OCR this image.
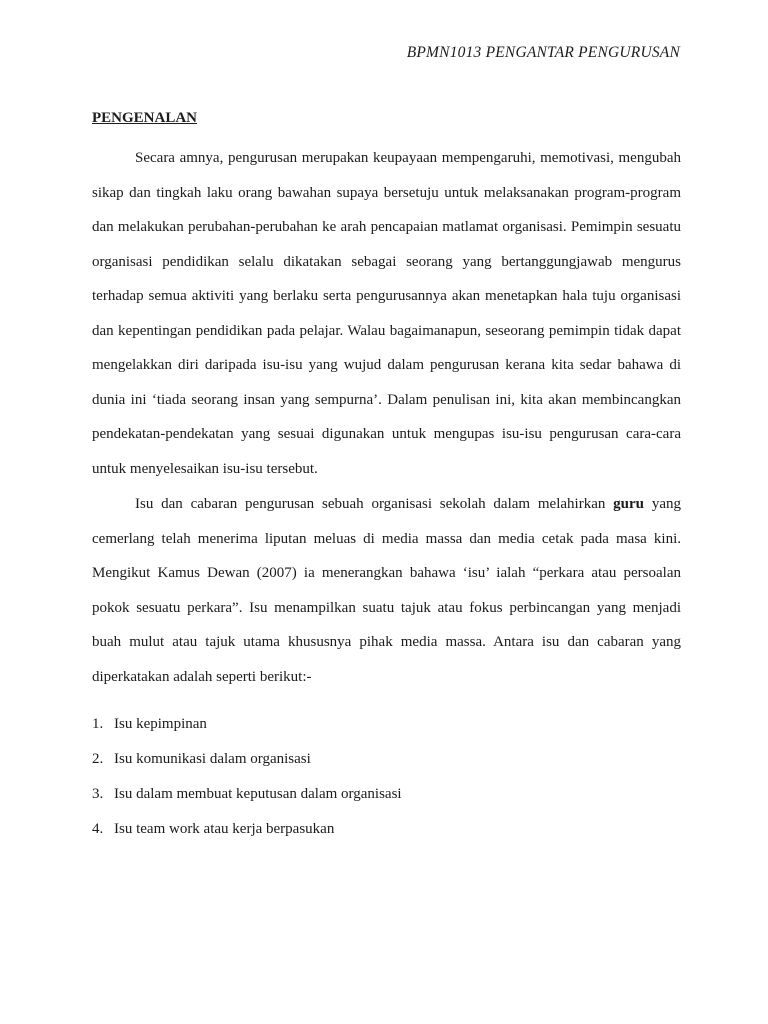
BPMN1013 PENGANTAR PENGURUSAN
PENGENALAN

Secara amnya, pengurusan merupakan keupayaan mempengaruhi, memotivasi, mengubah sikap dan tingkah laku orang bawahan supaya bersetuju untuk melaksanakan program-program dan melakukan perubahan-perubahan ke arah pencapaian matlamat organisasi. Pemimpin sesuatu organisasi pendidikan selalu dikatakan sebagai seorang yang bertanggungjawab mengurus terhadap semua aktiviti yang berlaku serta pengurusannya akan menetapkan hala tuju organisasi dan kepentingan pendidikan pada pelajar. Walau bagaimanapun, seseorang pemimpin tidak dapat mengelakkan diri daripada isu-isu yang wujud dalam pengurusan kerana kita sedar bahawa di dunia ini ‘tiada seorang insan yang sempurna’. Dalam penulisan ini, kita akan membincangkan pendekatan-pendekatan yang sesuai digunakan untuk mengupas isu-isu pengurusan cara-cara untuk menyelesaikan isu-isu tersebut.

Isu dan cabaran pengurusan sebuah organisasi sekolah dalam melahirkan guru yang cemerlang telah menerima liputan meluas di media massa dan media cetak pada masa kini. Mengikut Kamus Dewan (2007) ia menerangkan bahawa ‘isu’ ialah “perkara atau persoalan pokok sesuatu perkara”. Isu menampilkan suatu tajuk atau fokus perbincangan yang menjadi buah mulut atau tajuk utama khususnya pihak media massa. Antara isu dan cabaran yang diperkatakan adalah seperti berikut:-

1. Isu kepimpinan
2. Isu komunikasi dalam organisasi
3. Isu dalam membuat keputusan dalam organisasi
4. Isu team work atau kerja berpasukan
